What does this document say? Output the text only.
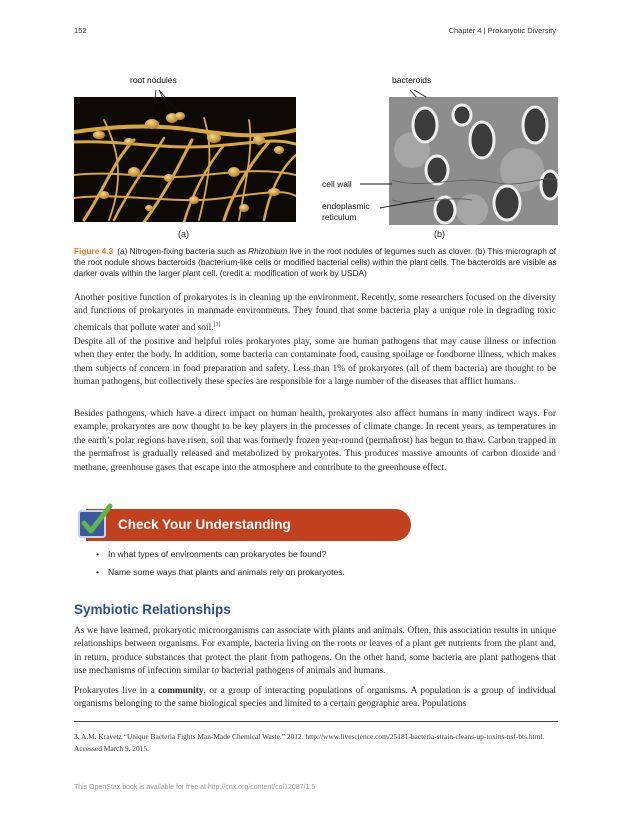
152	Chapter 4 | Prokaryotic Diversity
root nodules
(a)
bacteroids
cell wall
endoplasmic
reticulum
(b)
Figure 4.3 (a) Nitrogen-fixing bacteria such as Rhizobium live in the root nodules of legumes such as clover. (b) This micrograph of the root nodule shows bacteroids (bacterium-like cells or modified bacterial cells) within the plant cells. The bacteroids are visible as darker ovals within the larger plant cell. (credit a: modification of work by USDA)

Another positive function of prokaryotes is in cleaning up the environment. Recently, some researchers focused on the diversity and functions of prokaryotes in manmade environments. They found that some bacteria play a unique role in degrading toxic chemicals that pollute water and soil.[3]

Despite all of the positive and helpful roles prokaryotes play, some are human pathogens that may cause illness or infection when they enter the body. In addition, some bacteria can contaminate food, causing spoilage or foodborne illness, which makes them subjects of concern in food preparation and safety. Less than 1% of prokaryotes (all of them bacteria) are thought to be human pathogens, but collectively these species are responsible for a large number of the diseases that afflict humans.

Besides pathogens, which have a direct impact on human health, prokaryotes also affect humans in many indirect ways. For example, prokaryotes are now thought to be key players in the processes of climate change. In recent years, as temperatures in the earth’s polar regions have risen, soil that was formerly frozen year-round (permafrost) has begun to thaw. Carbon trapped in the permafrost is gradually released and metabolized by prokaryotes. This produces massive amounts of carbon dioxide and methane, greenhouse gases that escape into the atmosphere and contribute to the greenhouse effect.

Check Your Understanding
• In what types of environments can prokaryotes be found?
• Name some ways that plants and animals rely on prokaryotes.
Symbiotic Relationships

As we have learned, prokaryotic microorganisms can associate with plants and animals. Often, this association results in unique relationships between organisms. For example, bacteria living on the roots or leaves of a plant get nutrients from the plant and, in return, produce substances that protect the plant from pathogens. On the other hand, some bacteria are plant pathogens that use mechanisms of infection similar to bacterial pathogens of animals and humans.

Prokaryotes live in a community, or a group of interacting populations of organisms. A population is a group of individual organisms belonging to the same biological species and limited to a certain geographic area. Populations

3. A.M. Kravetz “Unique Bacteria Fights Man-Made Chemical Waste.” 2012. http://www.livescience.com/25181-bacteria-strain-cleans-up-toxins-nsf-bts.html. Accessed March 9, 2015.
This OpenStax book is available for free at http://cnx.org/content/col12087/1.5
